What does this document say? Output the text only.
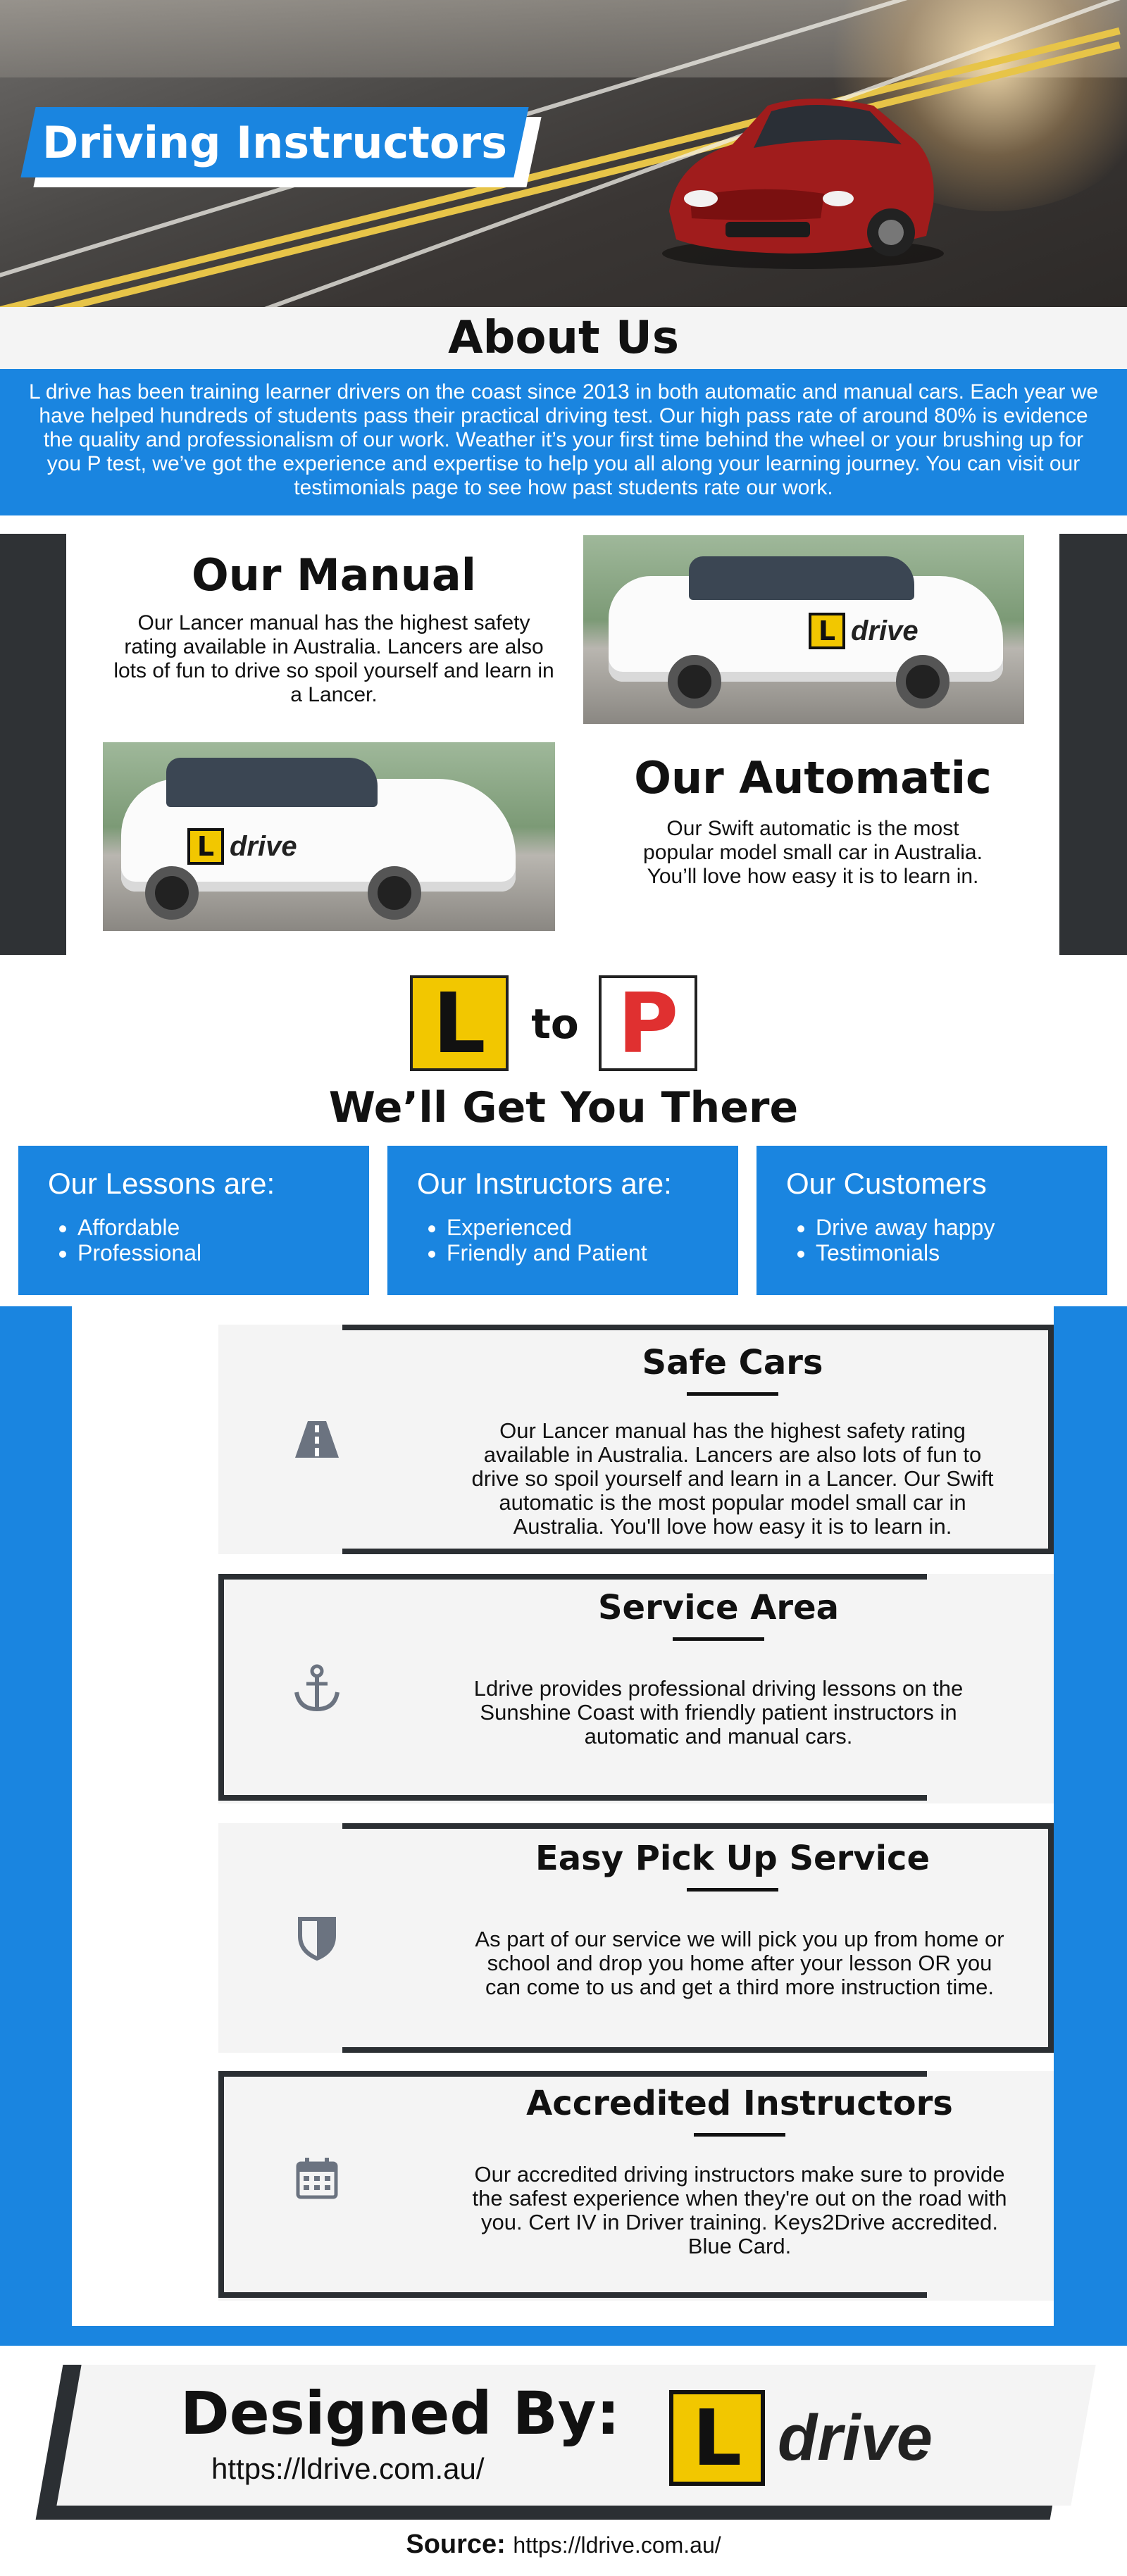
Driving Instructors
About Us
L drive has been training learner drivers on the coast since 2013 in both automatic and manual cars. Each year we have helped hundreds of students pass their practical driving test. Our high pass rate of around 80% is evidence the quality and professionalism of our work. Weather it’s your first time behind the wheel or your brushing up for you P test, we’ve got the experience and expertise to help you all along your learning journey. You can visit our testimonials page to see how past students rate our work.
Our Manual

Our Lancer manual has the highest safety rating available in Australia. Lancers are also lots of fun to drive so spoil yourself and learn in a Lancer.

L drive
L drive
Our Automatic

Our Swift automatic is the most popular model small car in Australia. You’ll love how easy it is to learn in.

L	to P
We’ll Get You There
Our Lessons are:
• Affordable
• Professional
Our Instructors are:
• Experienced
• Friendly and Patient
Our Customers
• Drive away happy
• Testimonials
Safe Cars

Our Lancer manual has the highest safety rating available in Australia. Lancers are also lots of fun to drive so spoil yourself and learn in a Lancer. Our Swift automatic is the most popular model small car in Australia. You'll love how easy it is to learn in.

Service Area

Ldrive provides professional driving lessons on the Sunshine Coast with friendly patient instructors in automatic and manual cars.

Easy Pick Up Service

As part of our service we will pick you up from home or school and drop you home after your lesson OR you can come to us and get a third more instruction time.

Accredited Instructors

Our accredited driving instructors make sure to provide the safest experience when they're out on the road with you. Cert IV in Driver training. Keys2Drive accredited. Blue Card.

Designed By:
https://ldrive.com.au/	L drive
Source: https://ldrive.com.au/
